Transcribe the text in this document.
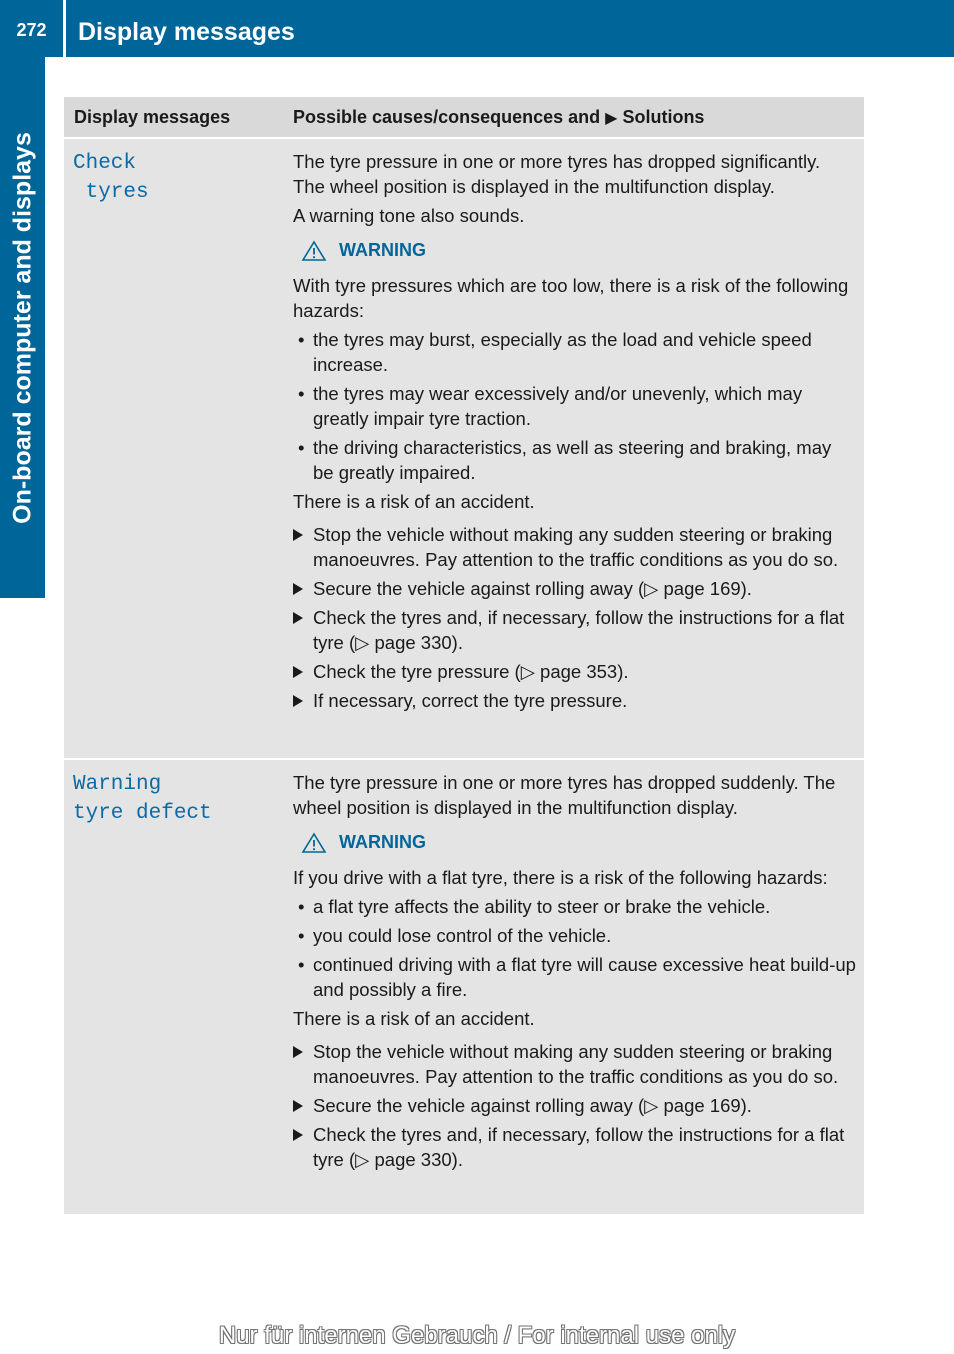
272	Display messages
On-board computer and displays
Display messages	Possible causes/consequences and ▶ Solutions
Check
tyres

The tyre pressure in one or more tyres has dropped significantly. The wheel position is displayed in the multifunction display.

A warning tone also sounds.

WARNING

With tyre pressures which are too low, there is a risk of the following hazards:

• the tyres may burst, especially as the load and vehicle speed increase.
• the tyres may wear excessively and/or unevenly, which may greatly impair tyre traction.
• the driving characteristics, as well as steering and braking, may be greatly impaired.

There is a risk of an accident.

Stop the vehicle without making any sudden steering or braking manoeuvres. Pay attention to the traffic conditions as you do so.
Secure the vehicle against rolling away (▷ page 169).
Check the tyres and, if necessary, follow the instructions for a flat tyre (▷ page 330).
Check the tyre pressure (▷ page 353).
If necessary, correct the tyre pressure.
Warning
tyre defect

The tyre pressure in one or more tyres has dropped suddenly. The wheel position is displayed in the multifunction display.

WARNING

If you drive with a flat tyre, there is a risk of the following hazards:

• a flat tyre affects the ability to steer or brake the vehicle.
• you could lose control of the vehicle.
• continued driving with a flat tyre will cause excessive heat build-up and possibly a fire.

There is a risk of an accident.

Stop the vehicle without making any sudden steering or braking manoeuvres. Pay attention to the traffic conditions as you do so.
Secure the vehicle against rolling away (▷ page 169).
Check the tyres and, if necessary, follow the instructions for a flat tyre (▷ page 330).
Nur für internen Gebrauch / For internal use only
